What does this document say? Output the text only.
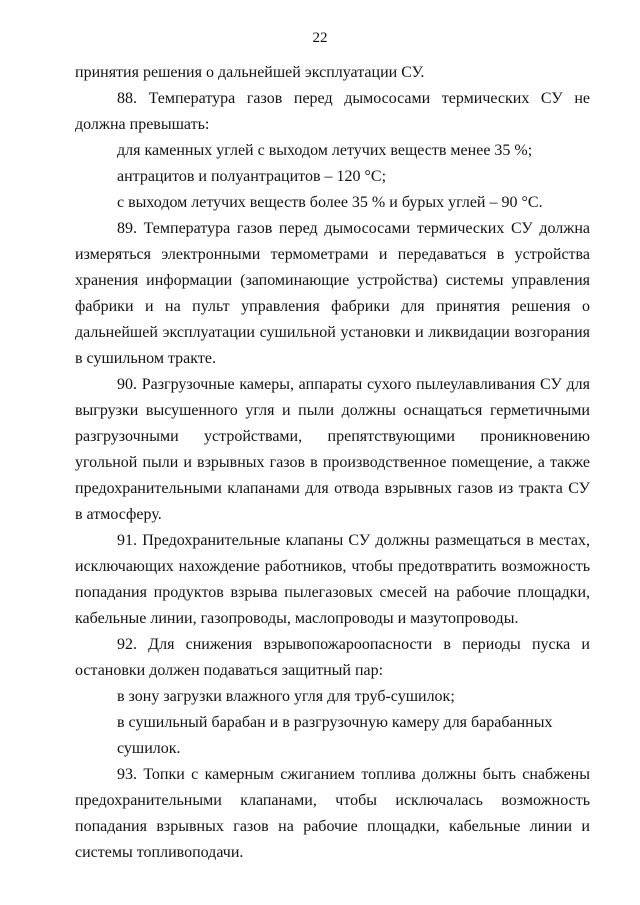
22

принятия решения о дальнейшей эксплуатации СУ.

88. Температура газов перед дымососами термических СУ не должна превышать:

для каменных углей с выходом летучих веществ менее 35 %;

антрацитов и полуантрацитов – 120 °С;

с выходом летучих веществ более 35 % и бурых углей – 90 °С.

89. Температура газов перед дымососами термических СУ должна измеряться электронными термометрами и передаваться в устройства хранения информации (запоминающие устройства) системы управления фабрики и на пульт управления фабрики для принятия решения о дальнейшей эксплуатации сушильной установки и ликвидации возгорания в сушильном тракте.

90. Разгрузочные камеры, аппараты сухого пылеулавливания СУ для выгрузки высушенного угля и пыли должны оснащаться герметичными разгрузочными устройствами, препятствующими проникновению угольной пыли и взрывных газов в производственное помещение, а также предохранительными клапанами для отвода взрывных газов из тракта СУ в атмосферу.

91. Предохранительные клапаны СУ должны размещаться в местах, исключающих нахождение работников, чтобы предотвратить возможность попадания продуктов взрыва пылегазовых смесей на рабочие площадки, кабельные линии, газопроводы, маслопроводы и мазутопроводы.

92. Для снижения взрывопожароопасности в периоды пуска и остановки должен подаваться защитный пар:

в зону загрузки влажного угля для труб-сушилок;

в сушильный барабан и в разгрузочную камеру для барабанных сушилок.

93. Топки с камерным сжиганием топлива должны быть снабжены предохранительными клапанами, чтобы исключалась возможность попадания взрывных газов на рабочие площадки, кабельные линии и системы топливоподачи.
